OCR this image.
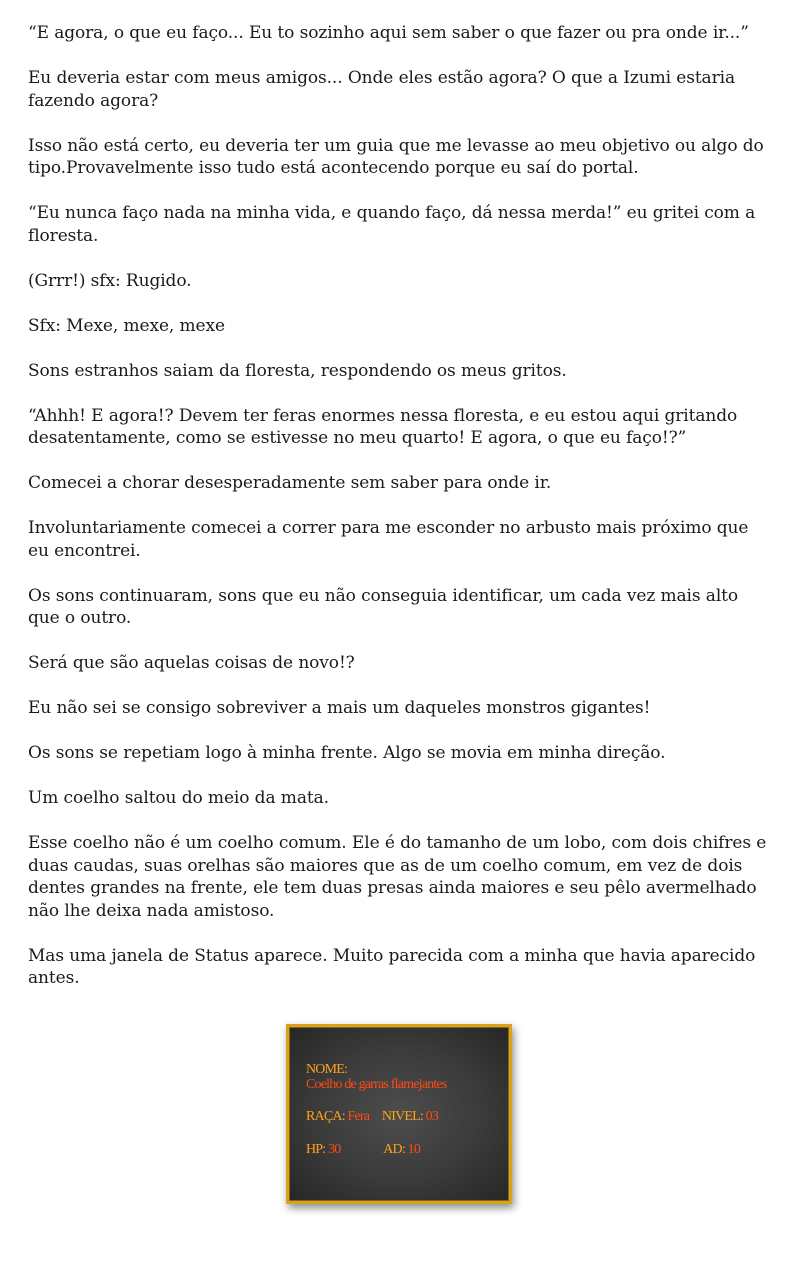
“E agora, o que eu faço... Eu to sozinho aqui sem saber o que fazer ou pra onde ir...”

Eu deveria estar com meus amigos... Onde eles estão agora? O que a Izumi estaria fazendo agora?

Isso não está certo, eu deveria ter um guia que me levasse ao meu objetivo ou algo do tipo.Provavelmente isso tudo está acontecendo porque eu saí do portal.

“Eu nunca faço nada na minha vida, e quando faço, dá nessa merda!” eu gritei com a floresta.

(Grrr!) sfx: Rugido.

Sfx: Mexe, mexe, mexe

Sons estranhos saiam da floresta, respondendo os meus gritos.

“Ahhh! E agora!? Devem ter feras enormes nessa floresta, e eu estou aqui gritando desatentamente, como se estivesse no meu quarto! E agora, o que eu faço!?”

Comecei a chorar desesperadamente sem saber para onde ir.

Involuntariamente comecei a correr para me esconder no arbusto mais próximo que eu encontrei.

Os sons continuaram, sons que eu não conseguia identificar, um cada vez mais alto que o outro.

Será que são aquelas coisas de novo!?

Eu não sei se consigo sobreviver a mais um daqueles monstros gigantes!

Os sons se repetiam logo à minha frente. Algo se movia em minha direção.

Um coelho saltou do meio da mata.

Esse coelho não é um coelho comum. Ele é do tamanho de um lobo, com dois chifres e duas caudas, suas orelhas são maiores que as de um coelho comum, em vez de dois dentes grandes na frente, ele tem duas presas ainda maiores e seu pêlo avermelhado não lhe deixa nada amistoso.

Mas uma janela de Status aparece. Muito parecida com a minha que havia aparecido antes.

NOME:
Coelho de garras flamejantes
RAÇA: Fera NIVEL: 03
HP: 30	AD: 10
